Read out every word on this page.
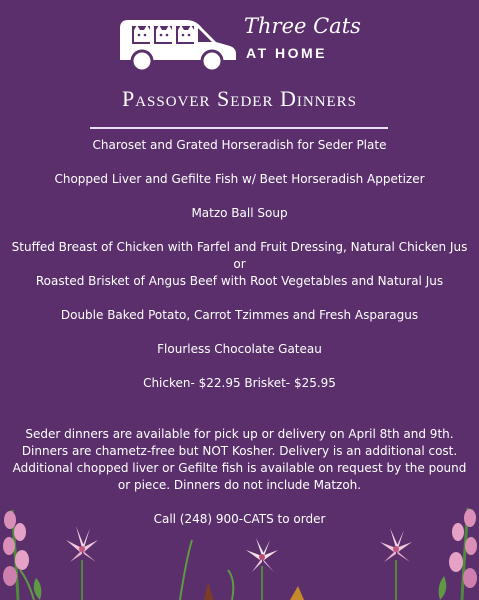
Three Cats
AT HOME
Passover Seder Dinners
Charoset and Grated Horseradish for Seder Plate
Chopped Liver and Gefilte Fish w/ Beet Horseradish Appetizer
Matzo Ball Soup
Stuffed Breast of Chicken with Farfel and Fruit Dressing, Natural Chicken Jus
or
Roasted Brisket of Angus Beef with Root Vegetables and Natural Jus
Double Baked Potato, Carrot Tzimmes and Fresh Asparagus
Flourless Chocolate Gateau
Chicken- $22.95 Brisket- $25.95
Seder dinners are available for pick up or delivery on April 8th and 9th. Dinners are chametz-free but NOT Kosher. Delivery is an additional cost. Additional chopped liver or Gefilte fish is available on request by the pound or piece. Dinners do not include Matzoh.
Call (248) 900-CATS to order
